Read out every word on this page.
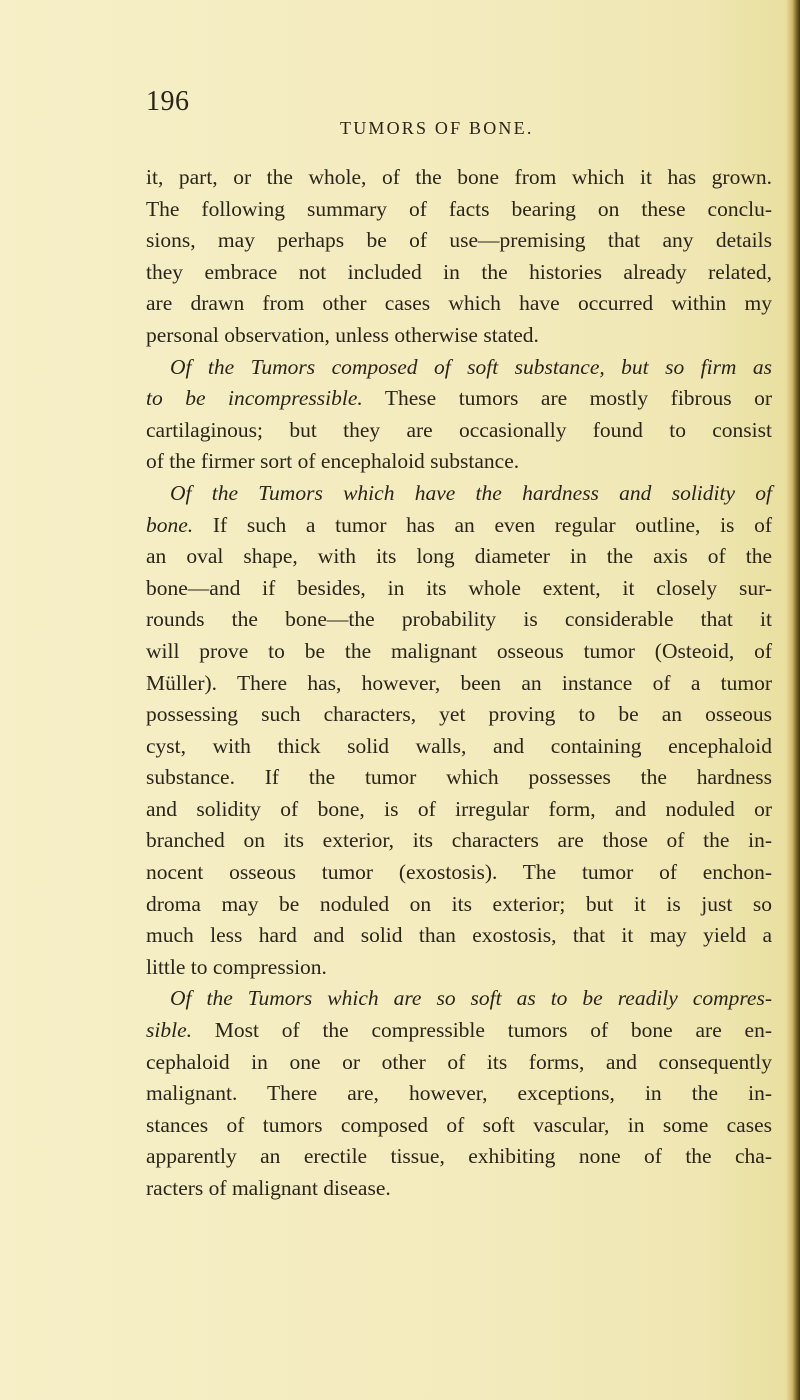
196
TUMORS OF BONE.
it, part, or the whole, of the bone from which it has grown.
The following summary of facts bearing on these conclu-
sions, may perhaps be of use—premising that any details
they embrace not included in the histories already related,
are drawn from other cases which have occurred within my
personal observation, unless otherwise stated.
Of the Tumors composed of soft substance, but so firm as
to be incompressible. These tumors are mostly fibrous or
cartilaginous; but they are occasionally found to consist
of the firmer sort of encephaloid substance.
Of the Tumors which have the hardness and solidity of
bone. If such a tumor has an even regular outline, is of
an oval shape, with its long diameter in the axis of the
bone—and if besides, in its whole extent, it closely sur-
rounds the bone—the probability is considerable that it
will prove to be the malignant osseous tumor (Osteoid, of
Müller). There has, however, been an instance of a tumor
possessing such characters, yet proving to be an osseous
cyst, with thick solid walls, and containing encephaloid
substance. If the tumor which possesses the hardness
and solidity of bone, is of irregular form, and noduled or
branched on its exterior, its characters are those of the in-
nocent osseous tumor (exostosis). The tumor of enchon-
droma may be noduled on its exterior; but it is just so
much less hard and solid than exostosis, that it may yield a
little to compression.
Of the Tumors which are so soft as to be readily compres-
sible. Most of the compressible tumors of bone are en-
cephaloid in one or other of its forms, and consequently
malignant. There are, however, exceptions, in the in-
stances of tumors composed of soft vascular, in some cases
apparently an erectile tissue, exhibiting none of the cha-
racters of malignant disease.
